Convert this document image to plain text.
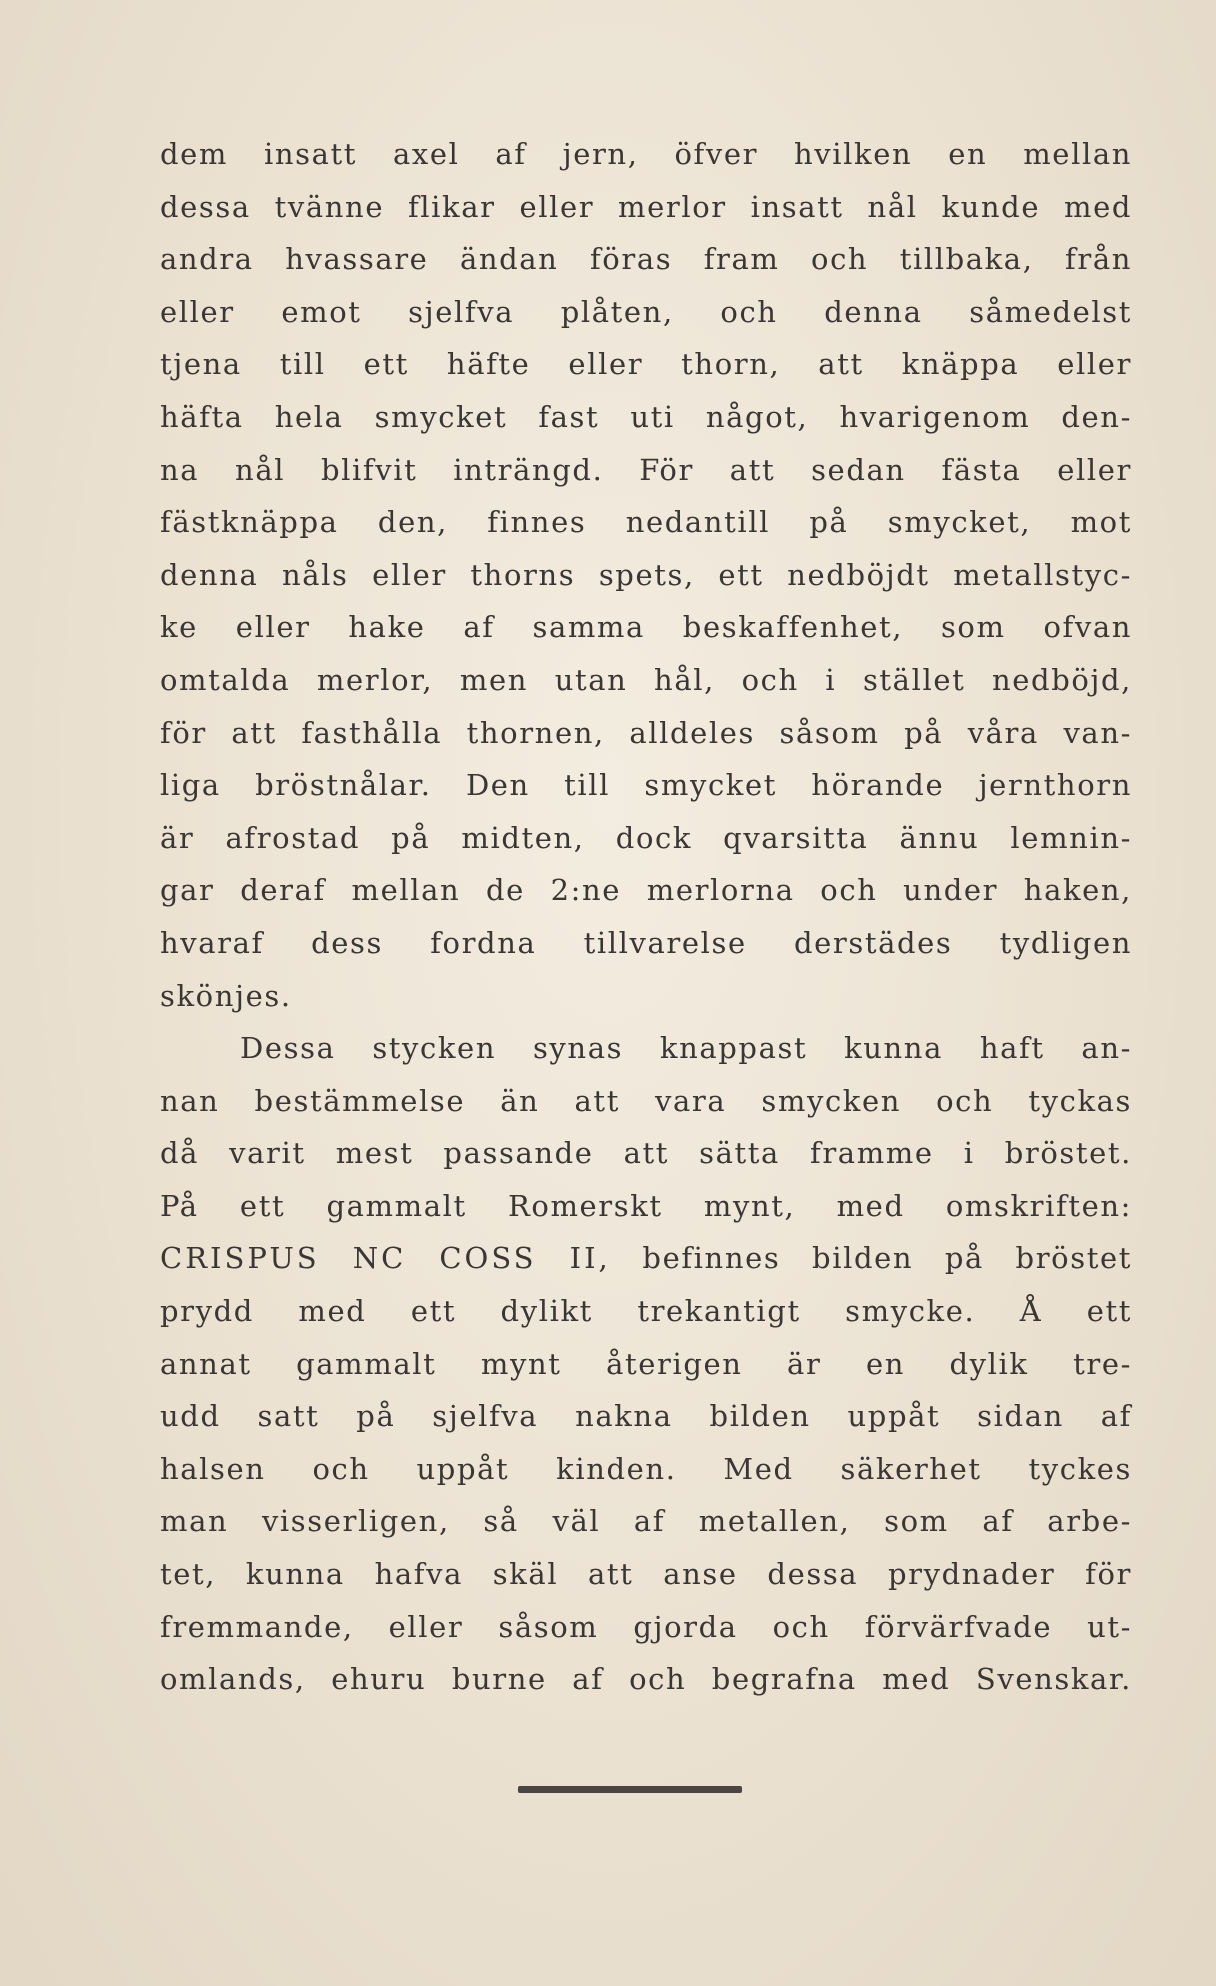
dem insatt axel af jern, öfver hvilken en mellan
dessa tvänne flikar eller merlor insatt nål kunde med
andra hvassare ändan föras fram och tillbaka, från
eller emot sjelfva plåten, och denna såmedelst
tjena till ett häfte eller thorn, att knäppa eller
häfta hela smycket fast uti något, hvarigenom den-
na nål blifvit inträngd. För att sedan fästa eller
fästknäppa den, finnes nedantill på smycket, mot
denna nåls eller thorns spets, ett nedböjdt metallstyc-
ke eller hake af samma beskaffenhet, som ofvan
omtalda merlor, men utan hål, och i stället nedböjd,
för att fasthålla thornen, alldeles såsom på våra van-
liga bröstnålar. Den till smycket hörande jernthorn
är afrostad på midten, dock qvarsitta ännu lemnin-
gar deraf mellan de 2:ne merlorna och under haken,
hvaraf dess fordna tillvarelse derstädes tydligen
skönjes.
Dessa stycken synas knappast kunna haft an-
nan bestämmelse än att vara smycken och tyckas
då varit mest passande att sätta framme i bröstet.
På ett gammalt Romerskt mynt, med omskriften:
CRISPUS NC COSS II, befinnes bilden på bröstet
prydd med ett dylikt trekantigt smycke. Å ett
annat gammalt mynt återigen är en dylik tre-
udd satt på sjelfva nakna bilden uppåt sidan af
halsen och uppåt kinden. Med säkerhet tyckes
man visserligen, så väl af metallen, som af arbe-
tet, kunna hafva skäl att anse dessa prydnader för
fremmande, eller såsom gjorda och förvärfvade ut-
omlands, ehuru burne af och begrafna med Svenskar.
